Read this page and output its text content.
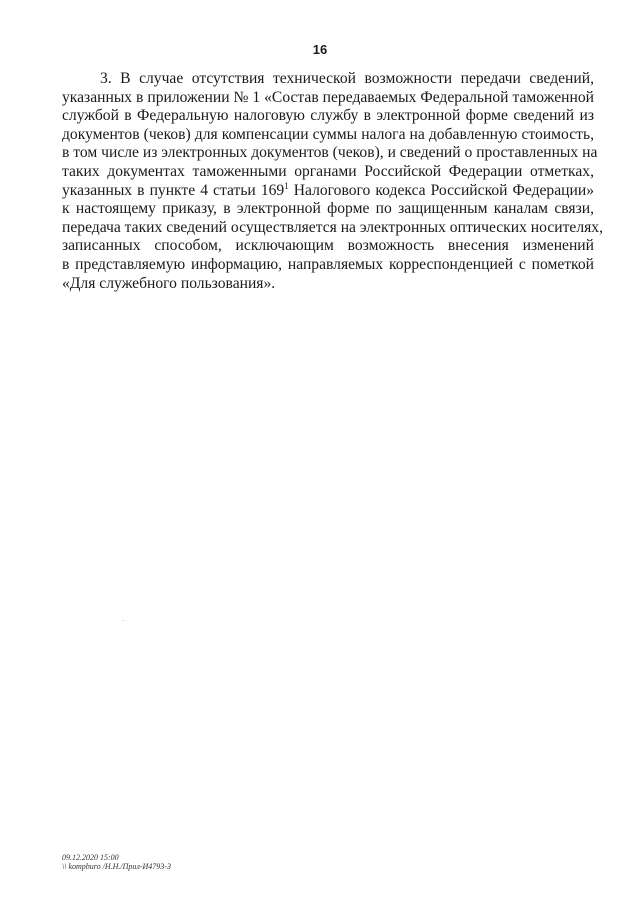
16
3. В случае отсутствия технической возможности передачи сведений,
указанных в приложении № 1 «Состав передаваемых Федеральной таможенной
службой в Федеральную налоговую службу в электронной форме сведений из
документов (чеков) для компенсации суммы налога на добавленную стоимость,
в том числе из электронных документов (чеков), и сведений о проставленных на
таких документах таможенными органами Российской Федерации отметках,
указанных в пункте 4 статьи $169^1$ Налогового кодекса Российской Федерации»
к настоящему приказу, в электронной форме по защищенным каналам связи,
передача таких сведений осуществляется на электронных оптических носителях,
записанных способом, исключающим возможность внесения изменений
в представляемую информацию, направляемых корреспонденцией с пометкой
«Для служебного пользования».
09.12.2020 15:00
\\ kompburo /Н.Н./Прил-И4793-3
